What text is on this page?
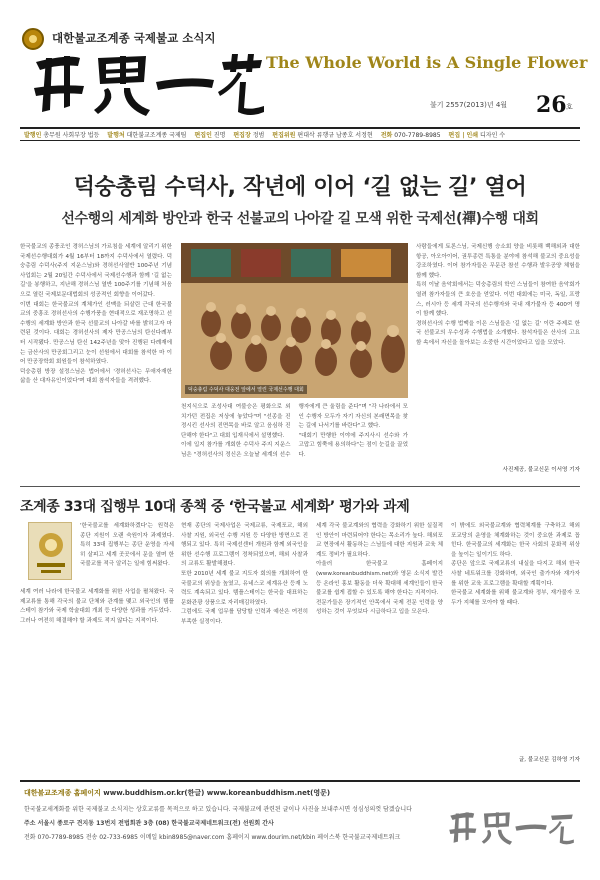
대한불교조계종 국제불교 소식지
The Whole World is A Single Flower
불기 2557(2013)년 4월 26 호
발행인 총무원 사회부장 법등 발행처 대한불교조계종 국제팀 편집인 진명 편집장 정범 편집위원 편대삭 류행규 남종호 서정현 전화 070-7789-8985 편집 | 인쇄 디자인 수
덕숭총림 수덕사, 작년에 이어 ‘길 없는 길’ 열어
선수행의 세계화 방안과 한국 선불교의 나아갈 길 모색 위한 국제선(禪)수행 대회

한국불교의 종풍조인 경허스님의 가르침을 세계에 알리기 위한 국제선수행대회가 4월 16부터 18까지 수덕사에서 열렸다. 덕숭총림 수덕사(주지 지운스님)와 경허선사열반 100주년 기념 사업회는 2월 20일간 수덕사에서 국제선수행과 함께 '길 없는 길'을 봉행하고, 지난해 경허스님 열반 100주기를 기념해 처음으로 열린 국제보문대법회의 성공적인 회향을 이어갔다.

이번 대회는 한국불교의 계체가인 선맥을 되살린 근대 한국불교의 중흥조 경허선사의 수행가풍을 현대적으로 재조명하고 선수행의 세계화 방안과 한국 선불교의 나아갈 바를 밝히고자 마련된 것이다. 대회는 경허선사의 제자 만공스님의 탄신다례부터 시작됐다. 만공스님 탄신 142주년을 맞아 진행된 다례재에는 금산사의 만공회그리고 눈이 선원에서 대회를 참석한 마 이어 만공장학회 회원들이 참석하였다.

덕숭총림 방장 설정스님은 법어에서 '경허선사는 무애자재한 삶을 산 대자유인이었다'며 대회 참석자들을 격려했다.

덕숭총림 수덕사 대웅전 앞에서 열린 국제선수행 대회

천지식으로 조성사대 여불승은 평화으로 외치가던 전집은 저상에 놓았다"며 "선종을 진정시킨 선사의 진면목을 바로 알고 음심하 진단해야 한다"고 대회 입재식에서 설명했다.

이에 입지 참가를 개회한 수덕사 주지 지운스님은 "경허선사의 정신은 오늘날 세계의 선수행자에게 큰 울림을 준다"며 "각 나라에서 모인 수행자 모두가 자기 자신의 본래면목을 찾는 길에 나서기를 바란다"고 했다.

"대회기 만행한 이야에 주지사시 선수와 가 고맙고 힘쭉에 용의하다"는 점이 눈길을 끌었다.

사람들에게 토론스님, 국제신행 승소회 양을 비롯해 백해외과 대한항공, 아오아이어, 권투종련 특통을 분야에 참석해 불교의 중요성을 강조하였다. 이어 참가자들은 무문관 참선 수행과 발우공양 체험을 함께 했다.

특히 이날 음악회에서는 덕숭총림의 학인 스님들이 참여한 음악회가 열려 참가자들의 큰 호응을 얻었다. 이번 대회에는 미국, 독일, 프랑스, 러시아 등 세계 각국의 선수행자와 국내 재가불자 등 400여 명이 함께 했다.

경허선사의 수행 법맥을 이은 스님들은 '길 없는 길' 이란 주제로 한국 선불교의 우수성과 수행법을 소개했다. 참석자들은 산사의 고요함 속에서 자신을 돌아보는 소중한 시간이었다고 입을 모았다.

사진제공, 불교신문 이서영 기자
조계종 33대 집행부 10대 종책 중 ‘한국불교 세계화’ 평가와 과제

'한국불교를 세계화하겠다'는 원력은 종단 지원이 오랜 숙원이자 과제였다. 특히 33대 집행부는 종단 운영을 자세히 살피고 세계 곳곳에서 문을 열며 한국불교를 적극 알리는 일에 힘써왔다.

세계 여러 나라에 한국불교 세계화를 위한 사업을 펼쳐왔다. 국제교류를 통해 각국의 불교 단체와 관계를 맺고 외국인의 템플스테이 참가와 국제 학술대회 개최 등 다양한 성과를 거두었다.

그러나 여전히 해결해야 할 과제도 적지 않다는 지적이다.

현재 종단의 국제사업은 국제교류, 국제포교, 해외 사찰 지원, 외국인 수행 지원 등 다양한 방면으로 진행되고 있다. 특히 국제선센터 개원과 함께 외국인을 위한 선수행 프로그램이 정착되었으며, 해외 사찰과의 교류도 활발해졌다.

또한 2010년 세계 불교 지도자 회의를 개최하여 한국불교의 위상을 높였고, 유네스코 세계유산 등재 노력도 계속되고 있다. 템플스테이는 한국을 대표하는 문화관광 상품으로 자리매김하였다.

그럼에도 국제 업무를 담당할 인력과 예산은 여전히 부족한 실정이다.

세계 각국 불교계와의 협력을 강화하기 위한 실질적인 방안이 마련되어야 한다는 목소리가 높다. 해외포교 현장에서 활동하는 스님들에 대한 지원과 교육 체계도 정비가 필요하다.

아울러 한국불교 홈페이지(www.koreanbuddhism.net)와 영문 소식지 발간 등 온라인 홍보 활동을 더욱 확대해 세계인들이 한국불교를 쉽게 접할 수 있도록 해야 한다는 지적이다.

전문가들은 장기적인 안목에서 국제 전문 인력을 양성하는 것이 무엇보다 시급하다고 입을 모은다.

이 밖에도 외국불교계와 협력체계를 구축하고 해외 포교당의 운영을 체계화하는 것이 중요한 과제로 꼽힌다. 한국불교의 세계화는 한국 사회의 문화적 위상을 높이는 일이기도 하다.

종단은 앞으로 국제교류의 내실을 다지고 해외 한국 사찰 네트워크를 강화하며, 외국인 출가자와 재가자를 위한 교육 프로그램을 확대할 계획이다.

한국불교 세계화를 위해 불교계와 정부, 재가불자 모두가 지혜를 모아야 할 때다.

글, 불교신문 김하영 기자
대한불교조계종 홈페이지 www.buddhism.or.kr(한글) www.koreanbuddhism.net(영문)
한국불교세계화를 위한 국제불교 소식지는 상호교류를 목적으로 하고 있습니다. 국제불교에 관련된 글이나 사진을 보내주시면 성심성의껏 담겠습니다
주소 서울시 종로구 견지동 13번지 전법회관 3층 (08) 한국불교국제네트워크(전) 선원회 간사
전화 070-7789-8985 전송 02-733-6985 이메일 kbin8985@naver.com 홈페이지 www.dourim.net/kbin 페이스북 한국불교국제네트워크
